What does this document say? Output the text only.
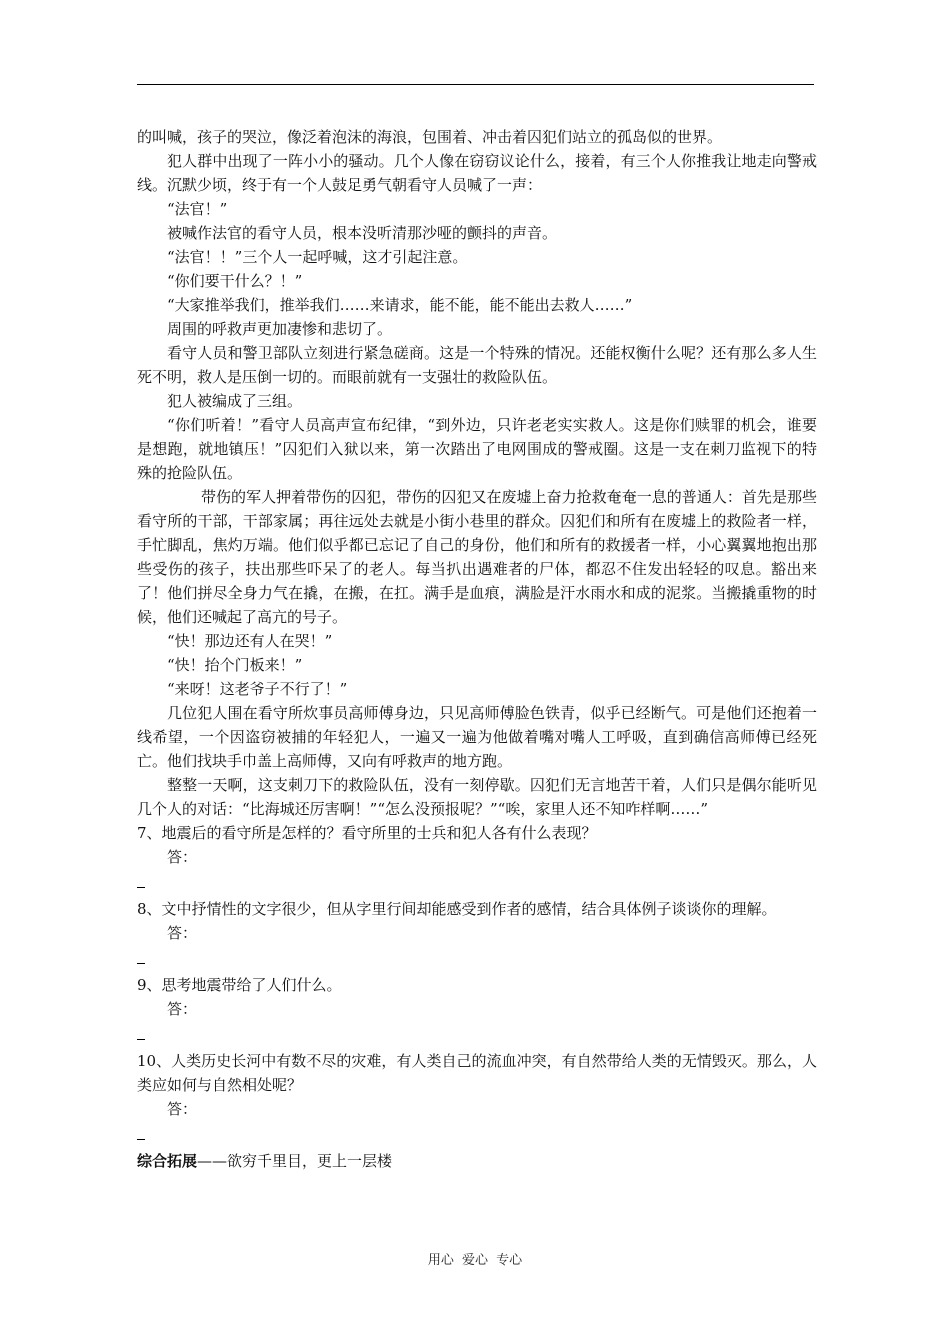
的叫喊，孩子的哭泣，像泛着泡沫的海浪，包围着、冲击着囚犯们站立的孤岛似的世界。

犯人群中出现了一阵小小的骚动。几个人像在窃窃议论什么，接着，有三个人你推我让地走向警戒线。沉默少顷，终于有一个人鼓足勇气朝看守人员喊了一声：

“法官！”

被喊作法官的看守人员，根本没听清那沙哑的颤抖的声音。

“法官！！”三个人一起呼喊，这才引起注意。

“你们要干什么？！”

“大家推举我们，推举我们……来请求，能不能，能不能出去救人……”

周围的呼救声更加凄惨和悲切了。

看守人员和警卫部队立刻进行紧急磋商。这是一个特殊的情况。还能权衡什么呢？还有那么多人生死不明，救人是压倒一切的。而眼前就有一支强壮的救险队伍。

犯人被编成了三组。

“你们听着！”看守人员高声宣布纪律，“到外边，只许老老实实救人。这是你们赎罪的机会，谁要是想跑，就地镇压！”囚犯们入狱以来，第一次踏出了电网围成的警戒圈。这是一支在刺刀监视下的特殊的抢险队伍。

带伤的军人押着带伤的囚犯，带伤的囚犯又在废墟上奋力抢救奄奄一息的普通人：首先是那些看守所的干部，干部家属；再往远处去就是小街小巷里的群众。囚犯们和所有在废墟上的救险者一样，手忙脚乱，焦灼万端。他们似乎都已忘记了自己的身份，他们和所有的救援者一样，小心翼翼地抱出那些受伤的孩子，扶出那些吓呆了的老人。每当扒出遇难者的尸体，都忍不住发出轻轻的叹息。豁出来了！他们拼尽全身力气在撬，在搬，在扛。满手是血痕，满脸是汗水雨水和成的泥浆。当搬撬重物的时候，他们还喊起了高亢的号子。

“快！那边还有人在哭！”

“快！抬个门板来！”

“来呀！这老爷子不行了！”

几位犯人围在看守所炊事员高师傅身边，只见高师傅脸色铁青，似乎已经断气。可是他们还抱着一线希望，一个因盗窃被捕的年轻犯人，一遍又一遍为他做着嘴对嘴人工呼吸，直到确信高师傅已经死亡。他们找块手巾盖上高师傅，又向有呼救声的地方跑。

整整一天啊，这支刺刀下的救险队伍，没有一刻停歇。囚犯们无言地苦干着，人们只是偶尔能听见几个人的对话：“比海城还厉害啊！”“怎么没预报呢？”“唉，家里人还不知咋样啊……”

7、地震后的看守所是怎样的？看守所里的士兵和犯人各有什么表现？

答：

8、文中抒情性的文字很少，但从字里行间却能感受到作者的感情，结合具体例子谈谈你的理解。

答：

9、思考地震带给了人们什么。

答：

10、人类历史长河中有数不尽的灾难，有人类自己的流血冲突，有自然带给人类的无情毁灭。那么，人类应如何与自然相处呢？

答：

综合拓展——欲穷千里目，更上一层楼

用心 爱心 专心
